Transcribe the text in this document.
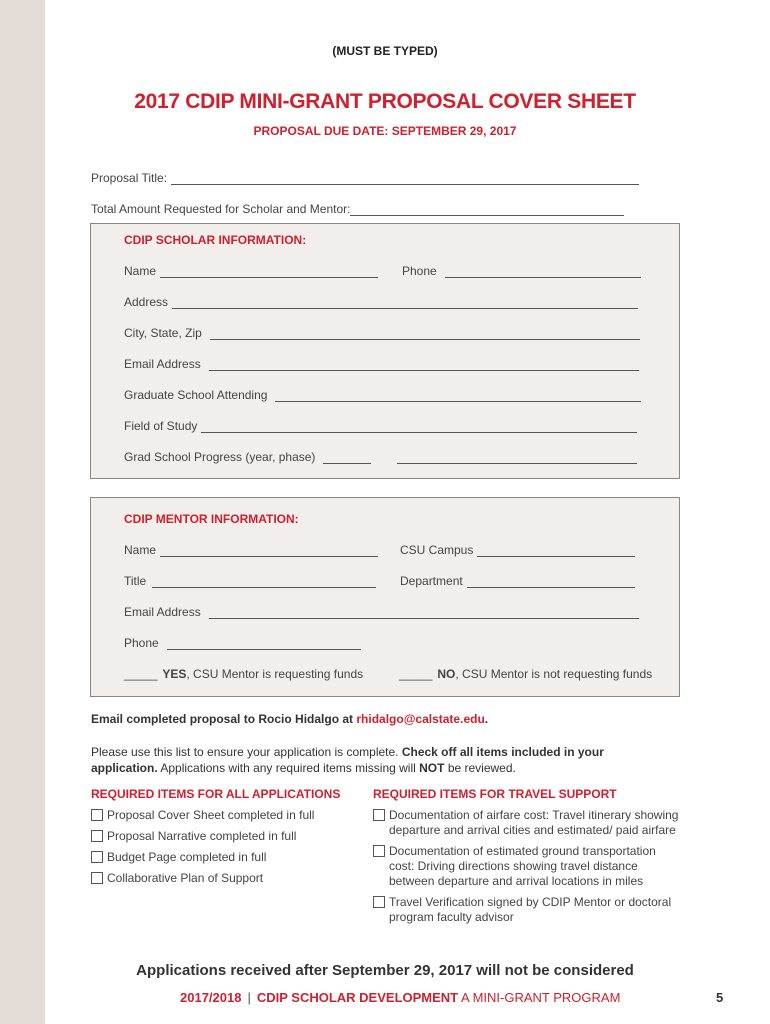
(MUST BE TYPED)
2017 CDIP MINI-GRANT PROPOSAL COVER SHEET
PROPOSAL DUE DATE: SEPTEMBER 29, 2017
Proposal Title:
Total Amount Requested for Scholar and Mentor:
CDIP SCHOLAR INFORMATION:
Name	Phone
Address
City, State, Zip
Email Address
Graduate School Attending
Field of Study
Grad School Progress (year, phase)
CDIP MENTOR INFORMATION:
Name	CSU Campus
Title	Department
Email Address
Phone
_____ YES , CSU Mentor is requesting funds	_____ NO , CSU Mentor is not requesting funds
Email completed proposal to Rocio Hidalgo at rhidalgo@calstate.edu.
Please use this list to ensure your application is complete. Check off all items included in your application. Applications with any required items missing will NOT be reviewed.
REQUIRED ITEMS FOR ALL APPLICATIONS
Proposal Cover Sheet completed in full
Proposal Narrative completed in full
Budget Page completed in full
Collaborative Plan of Support
REQUIRED ITEMS FOR TRAVEL SUPPORT
Documentation of airfare cost: Travel itinerary showing departure and arrival cities and estimated/ paid airfare
Documentation of estimated ground transportation cost: Driving directions showing travel distance between departure and arrival locations in miles
Travel Verification signed by CDIP Mentor or doctoral program faculty advisor
Applications received after September 29, 2017 will not be considered
2017/2018 | CDIP SCHOLAR DEVELOPMENT A MINI-GRANT PROGRAM	5
